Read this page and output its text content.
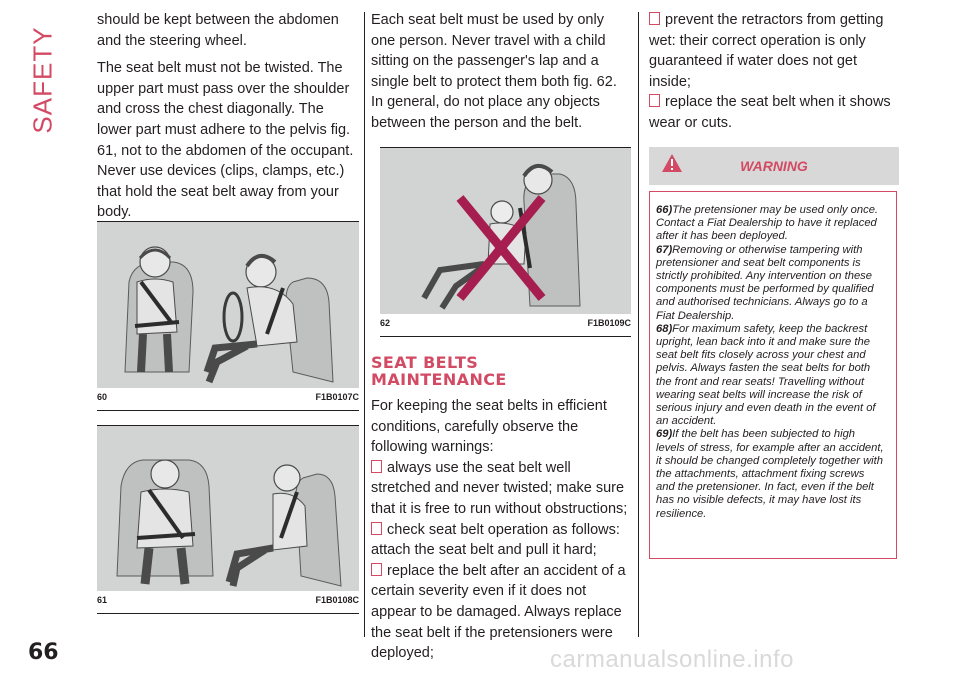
SAFETY
66	carmanualsonline.info

should be kept between the abdomen and the steering wheel.

The seat belt must not be twisted. The upper part must pass over the shoulder and cross the chest diagonally. The lower part must adhere to the pelvis fig. 61, not to the abdomen of the occupant. Never use devices (clips, clamps, etc.) that hold the seat belt away from your body.

60	F1B0107C
61	F1B0108C

Each seat belt must be used by only one person. Never travel with a child sitting on the passenger's lap and a single belt to protect them both fig. 62. In general, do not place any objects between the person and the belt.

62	F1B0109C
SEAT BELTS
MAINTENANCE
For keeping the seat belts in efficient conditions, carefully observe the following warnings:
always use the seat belt well stretched and never twisted; make sure that it is free to run without obstructions;
check seat belt operation as follows: attach the seat belt and pull it hard;
replace the belt after an accident of a certain severity even if it does not appear to be damaged. Always replace the seat belt if the pretensioners were deployed;
prevent the retractors from getting wet: their correct operation is only guaranteed if water does not get inside;
replace the seat belt when it shows wear or cuts.
WARNING

66)The pretensioner may be used only once. Contact a Fiat Dealership to have it replaced after it has been deployed.

67)Removing or otherwise tampering with pretensioner and seat belt components is strictly prohibited. Any intervention on these components must be performed by qualified and authorised technicians. Always go to a Fiat Dealership.

68)For maximum safety, keep the backrest upright, lean back into it and make sure the seat belt fits closely across your chest and pelvis. Always fasten the seat belts for both the front and rear seats! Travelling without wearing seat belts will increase the risk of serious injury and even death in the event of an accident.

69)If the belt has been subjected to high levels of stress, for example after an accident, it should be changed completely together with the attachments, attachment fixing screws and the pretensioner. In fact, even if the belt has no visible defects, it may have lost its resilience.
